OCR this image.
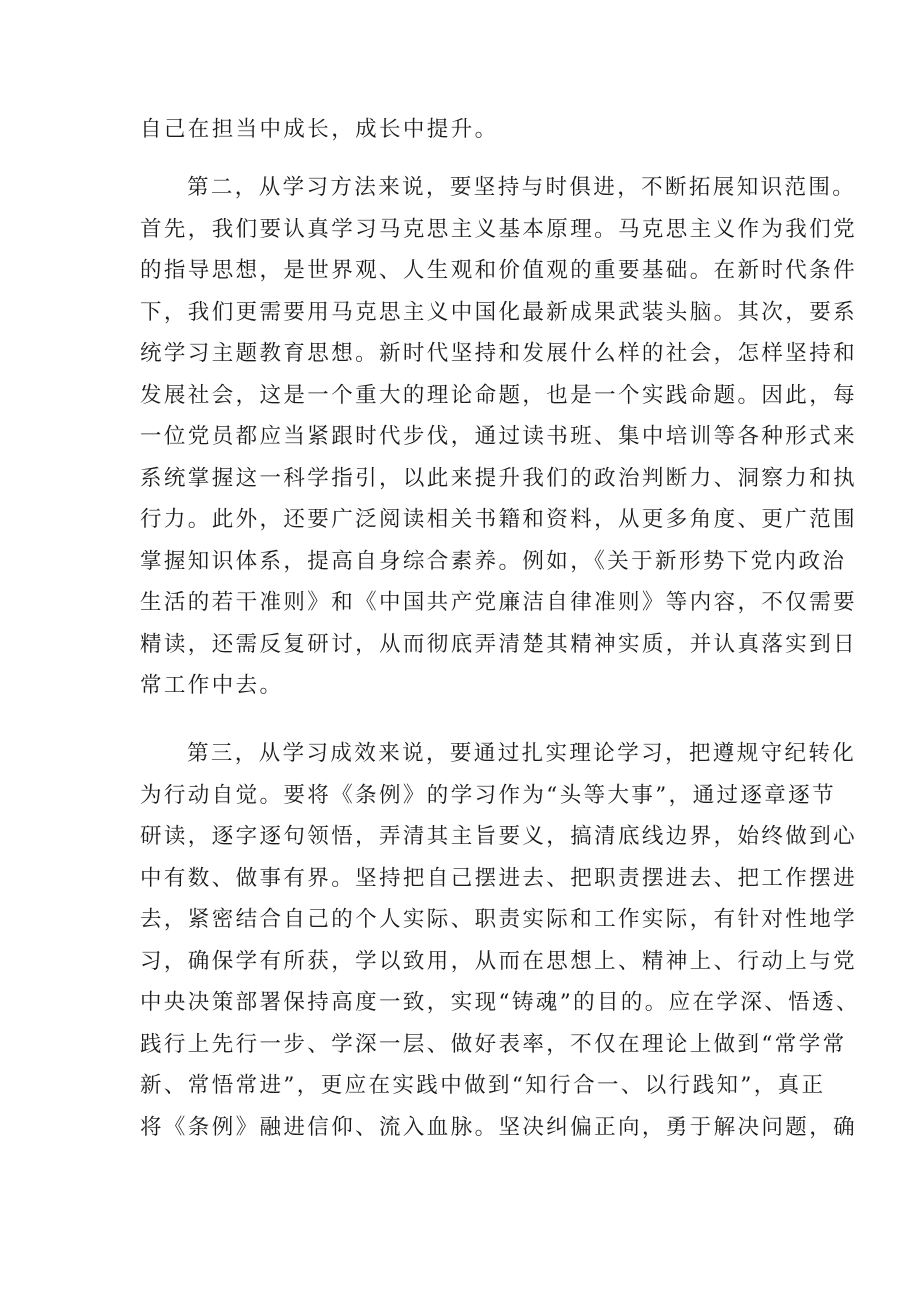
自己在担当中成长，成长中提升。
第二，从学习方法来说，要坚持与时俱进，不断拓展知识范围。
首先，我们要认真学习马克思主义基本原理。马克思主义作为我们党
的指导思想，是世界观、人生观和价值观的重要基础。在新时代条件
下，我们更需要用马克思主义中国化最新成果武装头脑。其次，要系
统学习主题教育思想。新时代坚持和发展什么样的社会，怎样坚持和
发展社会，这是一个重大的理论命题，也是一个实践命题。因此，每
一位党员都应当紧跟时代步伐，通过读书班、集中培训等各种形式来
系统掌握这一科学指引，以此来提升我们的政治判断力、洞察力和执
行力。此外，还要广泛阅读相关书籍和资料，从更多角度、更广范围
掌握知识体系，提高自身综合素养。例如，《关于新形势下党内政治
生活的若干准则》和《中国共产党廉洁自律准则》等内容，不仅需要
精读，还需反复研讨，从而彻底弄清楚其精神实质，并认真落实到日
常工作中去。
第三，从学习成效来说，要通过扎实理论学习，把遵规守纪转化
为行动自觉。要将《条例》的学习作为“头等大事”，通过逐章逐节
研读，逐字逐句领悟，弄清其主旨要义，搞清底线边界，始终做到心
中有数、做事有界。坚持把自己摆进去、把职责摆进去、把工作摆进
去，紧密结合自己的个人实际、职责实际和工作实际，有针对性地学
习，确保学有所获，学以致用，从而在思想上、精神上、行动上与党
中央决策部署保持高度一致，实现“铸魂”的目的。应在学深、悟透、
践行上先行一步、学深一层、做好表率，不仅在理论上做到“常学常
新、常悟常进”，更应在实践中做到“知行合一、以行践知”，真正
将《条例》融进信仰、流入血脉。坚决纠偏正向，勇于解决问题，确
